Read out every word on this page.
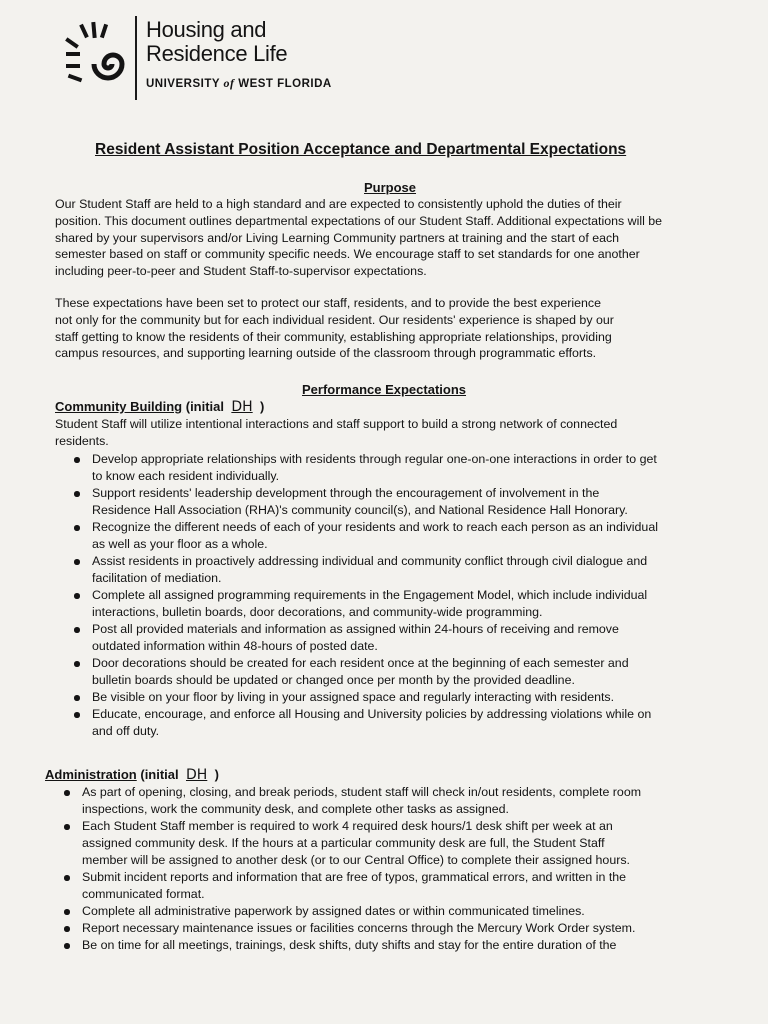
Housing and
Residence Life
UNIVERSITY of WEST FLORIDA
Resident Assistant Position Acceptance and Departmental Expectations
Purpose
Our Student Staff are held to a high standard and are expected to consistently uphold the duties of their
position. This document outlines departmental expectations of our Student Staff. Additional expectations will be
shared by your supervisors and/or Living Learning Community partners at training and the start of each
semester based on staff or community specific needs. We encourage staff to set standards for one another
including peer-to-peer and Student Staff-to-supervisor expectations.
These expectations have been set to protect our staff, residents, and to provide the best experience
not only for the community but for each individual resident. Our residents' experience is shaped by our
staff getting to know the residents of their community, establishing appropriate relationships, providing
campus resources, and supporting learning outside of the classroom through programmatic efforts.
Performance Expectations
Community Building (initial DH )
Student Staff will utilize intentional interactions and staff support to build a strong network of connected
residents.
Develop appropriate relationships with residents through regular one-on-one interactions in order to get
to know each resident individually.
Support residents' leadership development through the encouragement of involvement in the
Residence Hall Association (RHA)'s community council(s), and National Residence Hall Honorary.
Recognize the different needs of each of your residents and work to reach each person as an individual
as well as your floor as a whole.
Assist residents in proactively addressing individual and community conflict through civil dialogue and
facilitation of mediation.
Complete all assigned programming requirements in the Engagement Model, which include individual
interactions, bulletin boards, door decorations, and community-wide programming.
Post all provided materials and information as assigned within 24-hours of receiving and remove
outdated information within 48-hours of posted date.
Door decorations should be created for each resident once at the beginning of each semester and
bulletin boards should be updated or changed once per month by the provided deadline.
Be visible on your floor by living in your assigned space and regularly interacting with residents.
Educate, encourage, and enforce all Housing and University policies by addressing violations while on
and off duty.
Administration (initial DH )
As part of opening, closing, and break periods, student staff will check in/out residents, complete room
inspections, work the community desk, and complete other tasks as assigned.
Each Student Staff member is required to work 4 required desk hours/1 desk shift per week at an
assigned community desk. If the hours at a particular community desk are full, the Student Staff
member will be assigned to another desk (or to our Central Office) to complete their assigned hours.
Submit incident reports and information that are free of typos, grammatical errors, and written in the
communicated format.
Complete all administrative paperwork by assigned dates or within communicated timelines.
Report necessary maintenance issues or facilities concerns through the Mercury Work Order system.
Be on time for all meetings, trainings, desk shifts, duty shifts and stay for the entire duration of the
